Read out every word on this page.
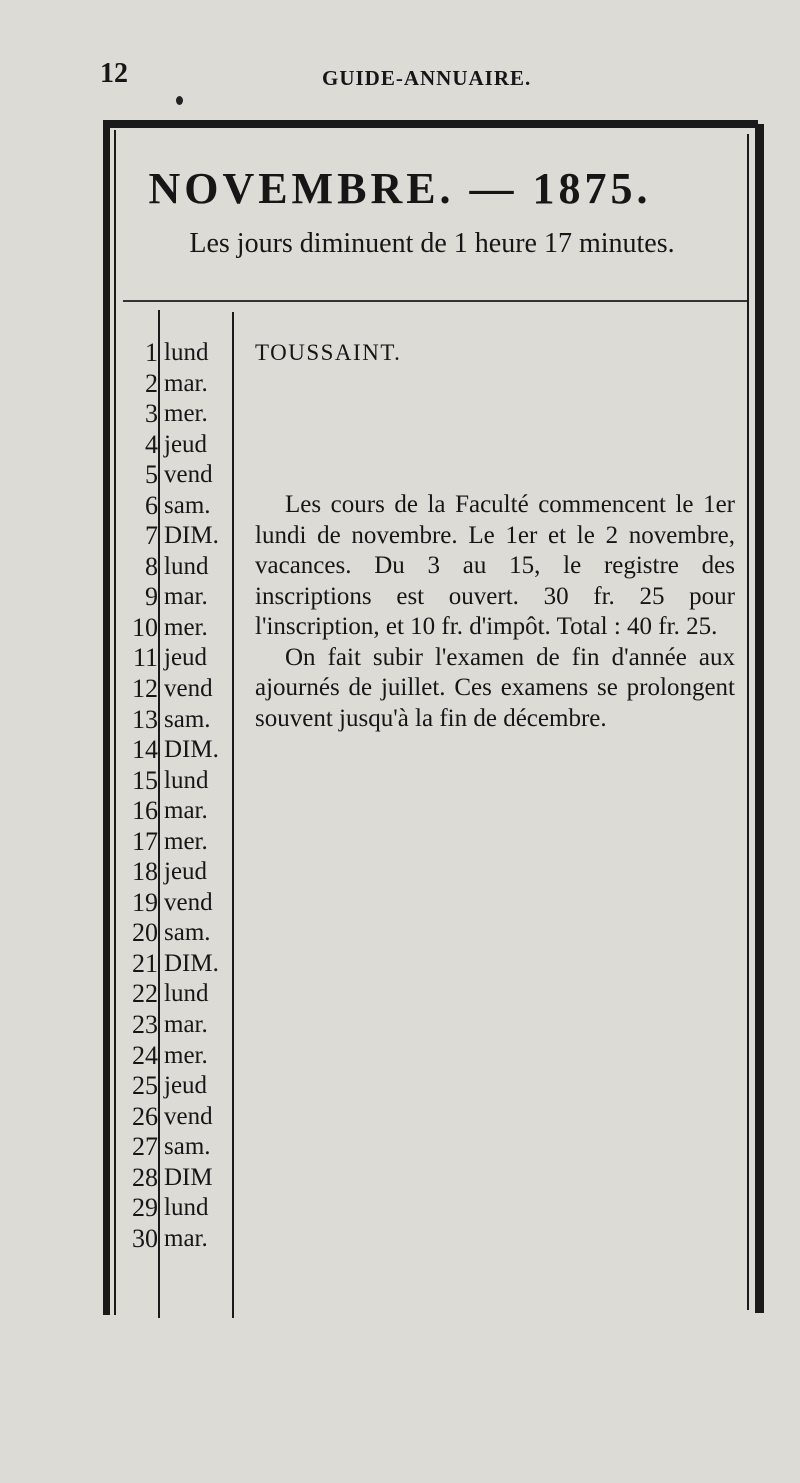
12	GUIDE-ANNUAIRE.
NOVEMBRE. — 1875.
Les jours diminuent de 1 heure 17 minutes.
1 lund
2 mar.
3 mer.
4 jeud
5 vend
6 sam.
7 DIM.
8 lund
9 mar.
10 mer.
11 jeud
12 vend
13 sam.
14 DIM.
15 lund
16 mar.
17 mer.
18 jeud
19 vend
20 sam.
21 DIM.
22 lund
23 mar.
24 mer.
25 jeud
26 vend
27 sam.
28 DIM
29 lund
30 mar.
TOUSSAINT.

Les cours de la Faculté commencent le 1er lundi de novembre. Le 1er et le 2 novembre, vacances. Du 3 au 15, le registre des inscriptions est ouvert. 30 fr. 25 pour l'inscription, et 10 fr. d'impôt. Total : 40 fr. 25.

On fait subir l'examen de fin d'année aux ajournés de juillet. Ces examens se prolongent souvent jusqu'à la fin de décembre.
